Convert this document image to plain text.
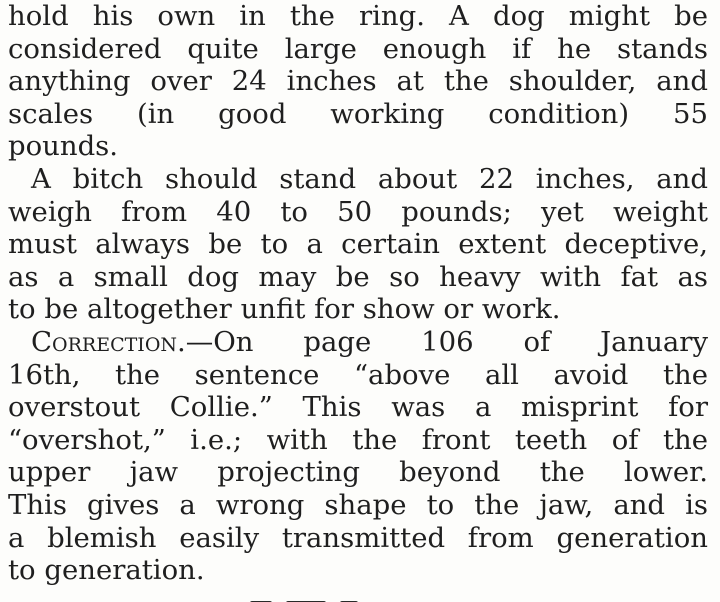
hold his own in the ring. A dog might be
considered quite large enough if he stands
anything over 24 inches at the shoulder, and
scales (in good working condition) 55
pounds.
A bitch should stand about 22 inches, and
weigh from 40 to 50 pounds; yet weight
must always be to a certain extent deceptive,
as a small dog may be so heavy with fat as
to be altogether unfit for show or work.
Correction.—On page 106 of January
16th, the sentence “above all avoid the
overstout Collie.” This was a misprint for
“overshot,” i.e.; with the front teeth of the
upper jaw projecting beyond the lower.
This gives a wrong shape to the jaw, and is
a blemish easily transmitted from generation
to generation.
